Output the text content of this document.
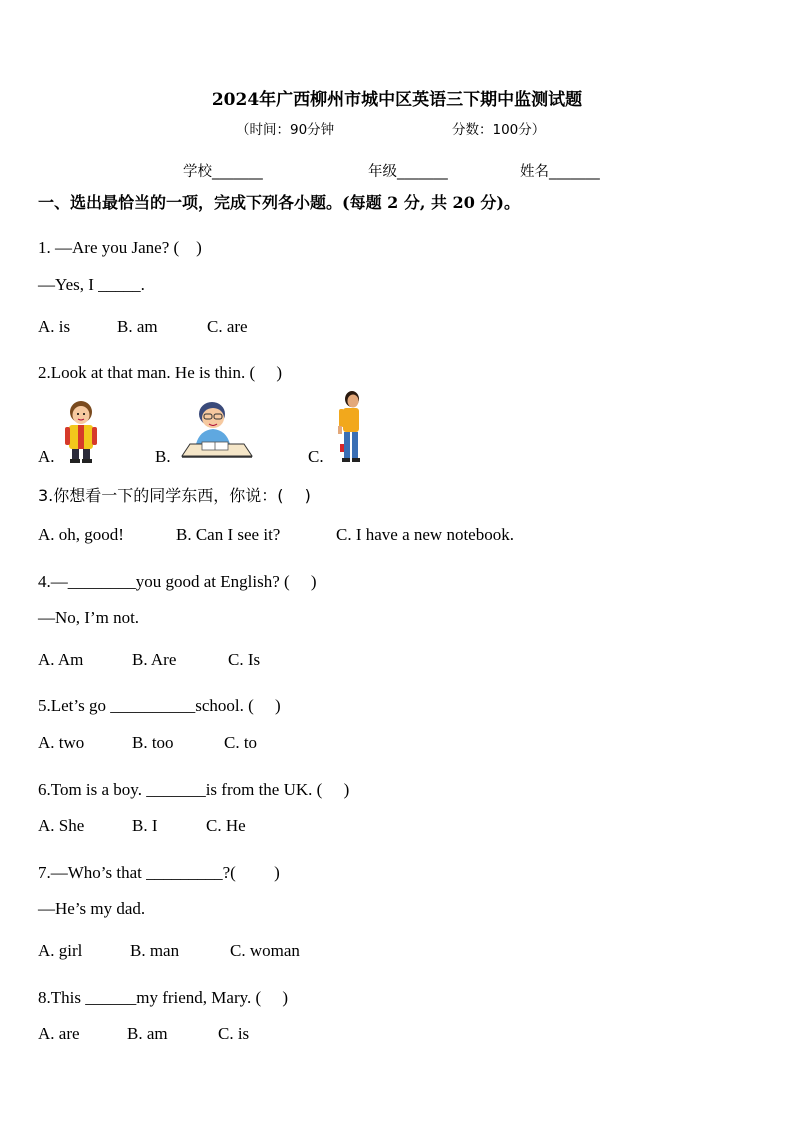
2024年广西柳州市城中区英语三下期中监测试题
（时间：90分钟	分数：100分）
学校_______	年级_______	姓名_______
一、选出最恰当的一项，完成下列各小题。(每题 2 分, 共 20 分)。
1. —Are you Jane? (　)
—Yes, I _____.
A. is	B. am	C. are
2.Look at that man. He is thin. (　 )
A.	B.	C.
3.你想看一下的同学东西，你说：(　 )
A. oh, good!	B. Can I see it?	C. I have a new notebook.
4.—________you good at English? (　 )
—No, I’m not.
A. Am	B. Are	C. Is
5.Let’s go __________school. (　 )
A. two	B. too	C. to
6.Tom is a boy. _______is from the UK. (　 )
A. She	B. I	C. He
7.—Who’s that _________?(　 　)
—He’s my dad.
A. girl	B. man	C. woman
8.This ______my friend, Mary. (　 )
A. are	B. am	C. is
